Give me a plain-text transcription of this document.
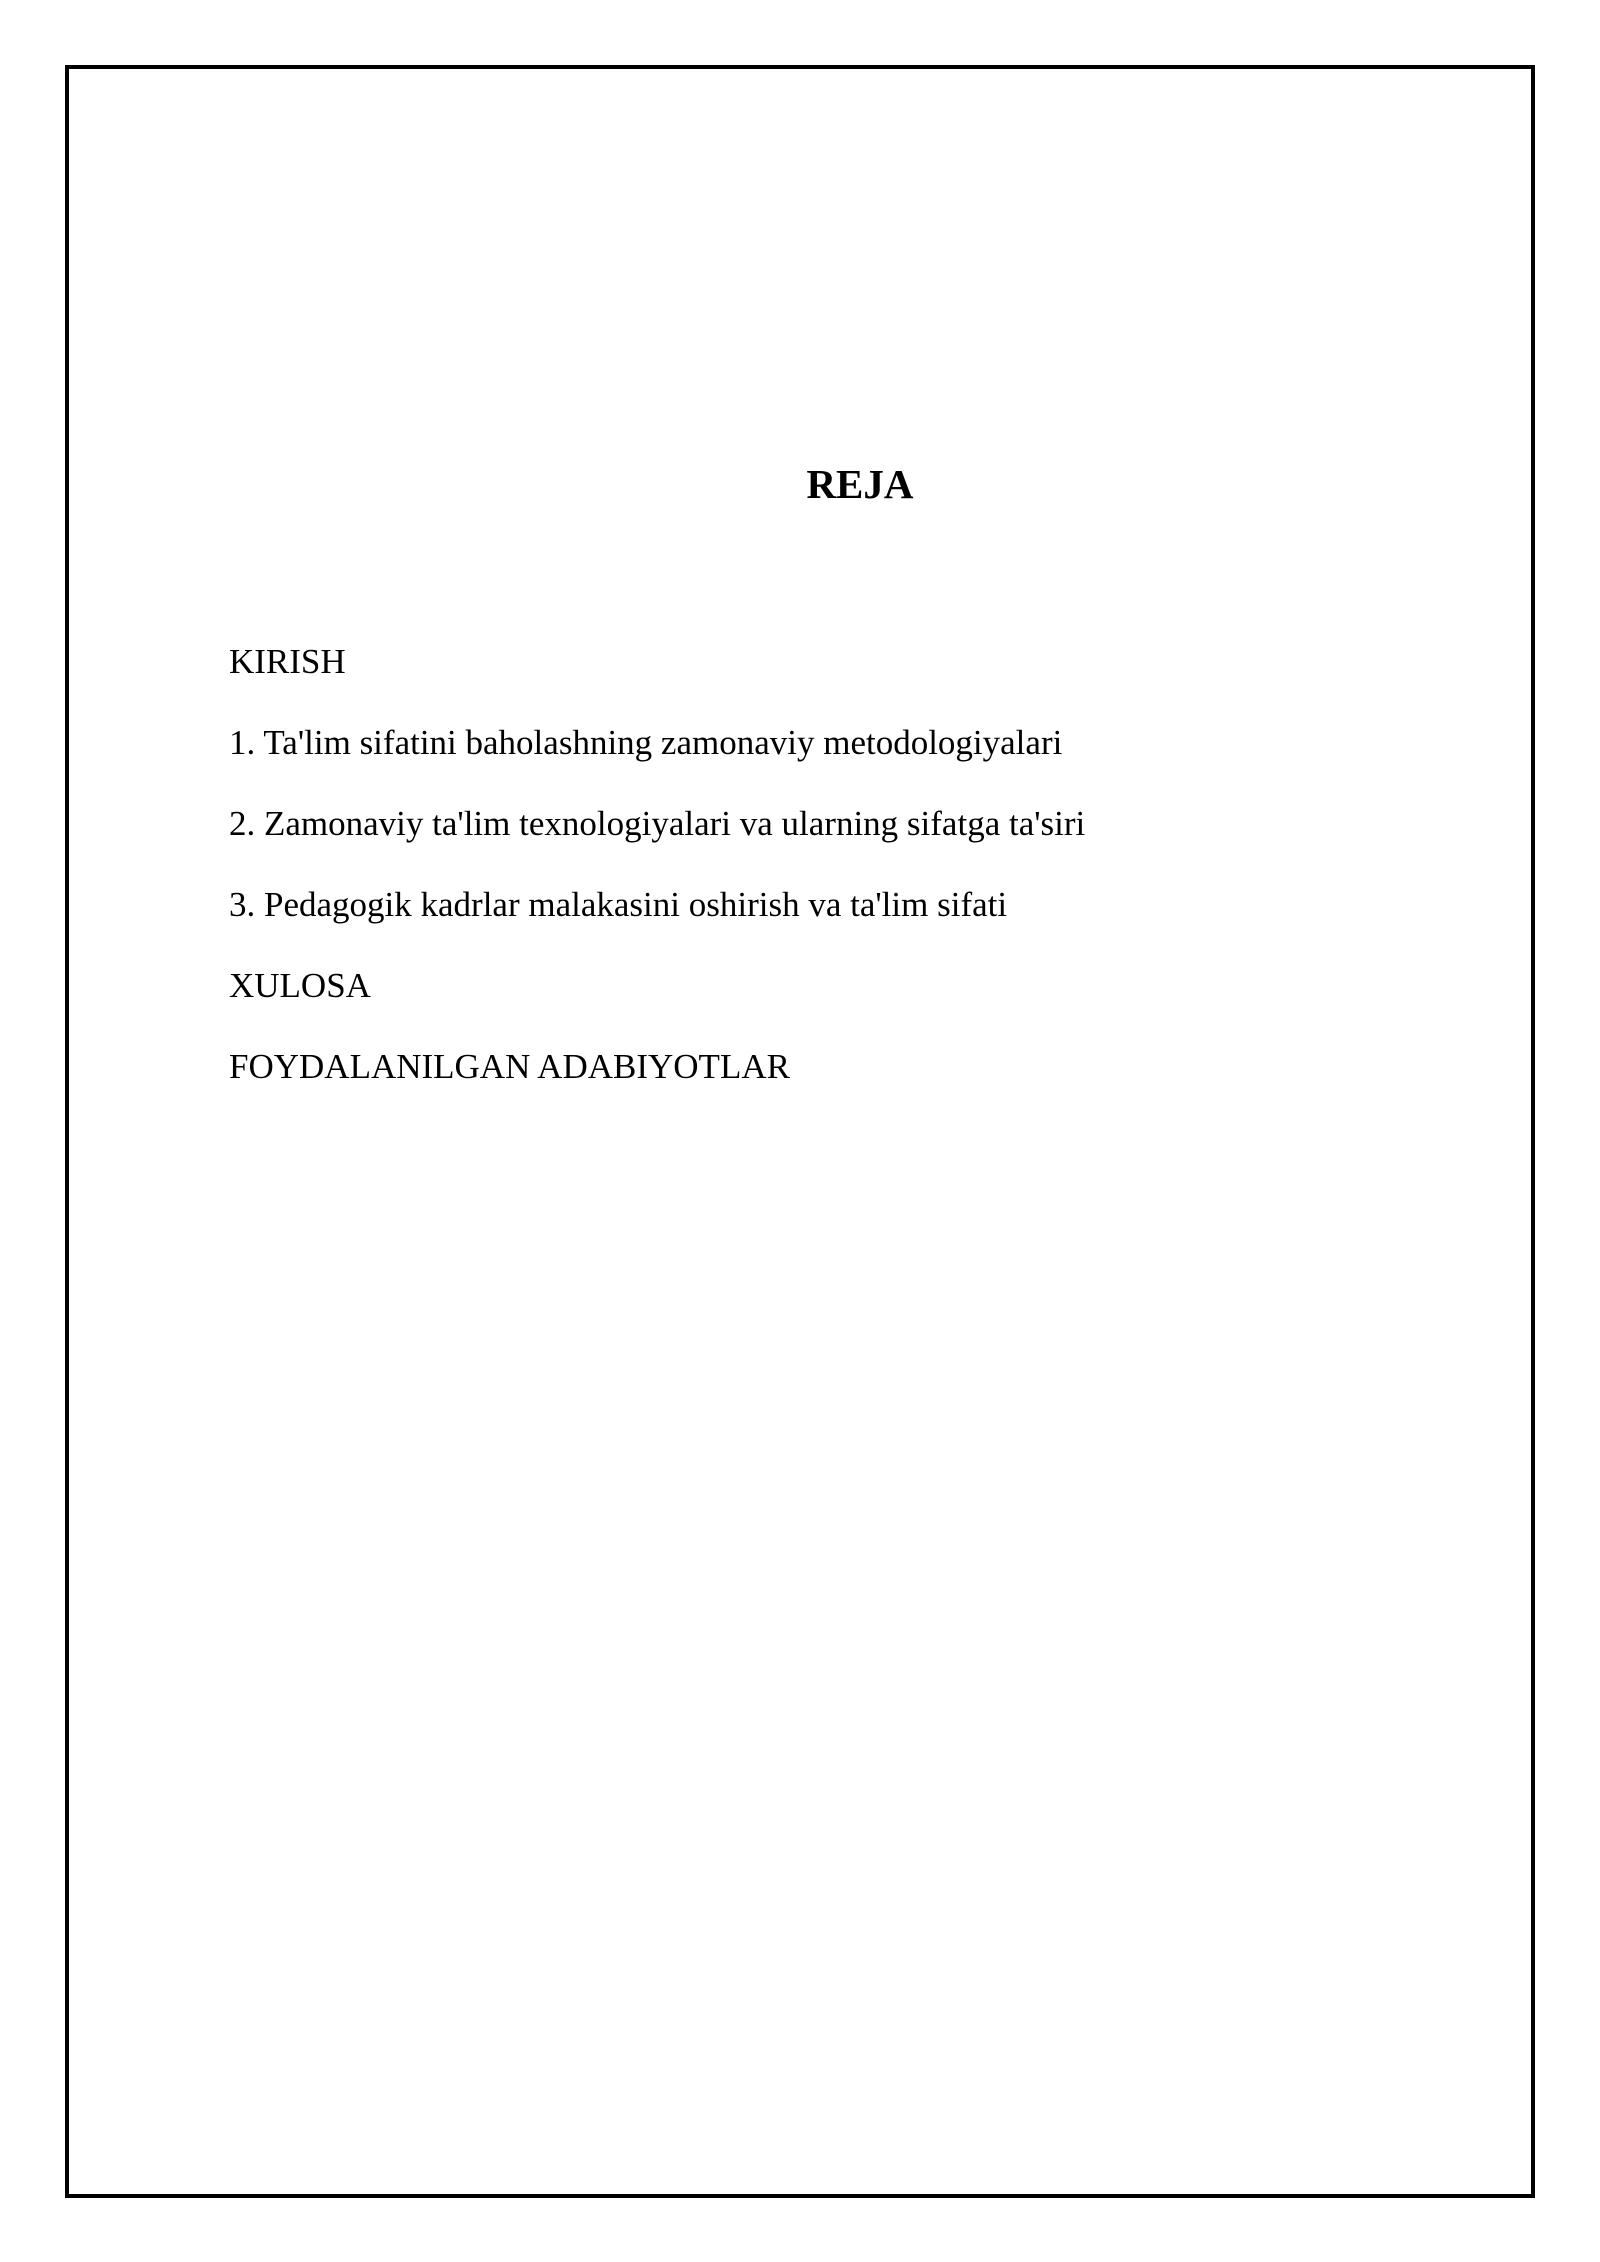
REJA
KIRISH
1. Ta'lim sifatini baholashning zamonaviy metodologiyalari
2. Zamonaviy ta'lim texnologiyalari va ularning sifatga ta'siri
3. Pedagogik kadrlar malakasini oshirish va ta'lim sifati
XULOSA
FOYDALANILGAN ADABIYOTLAR
